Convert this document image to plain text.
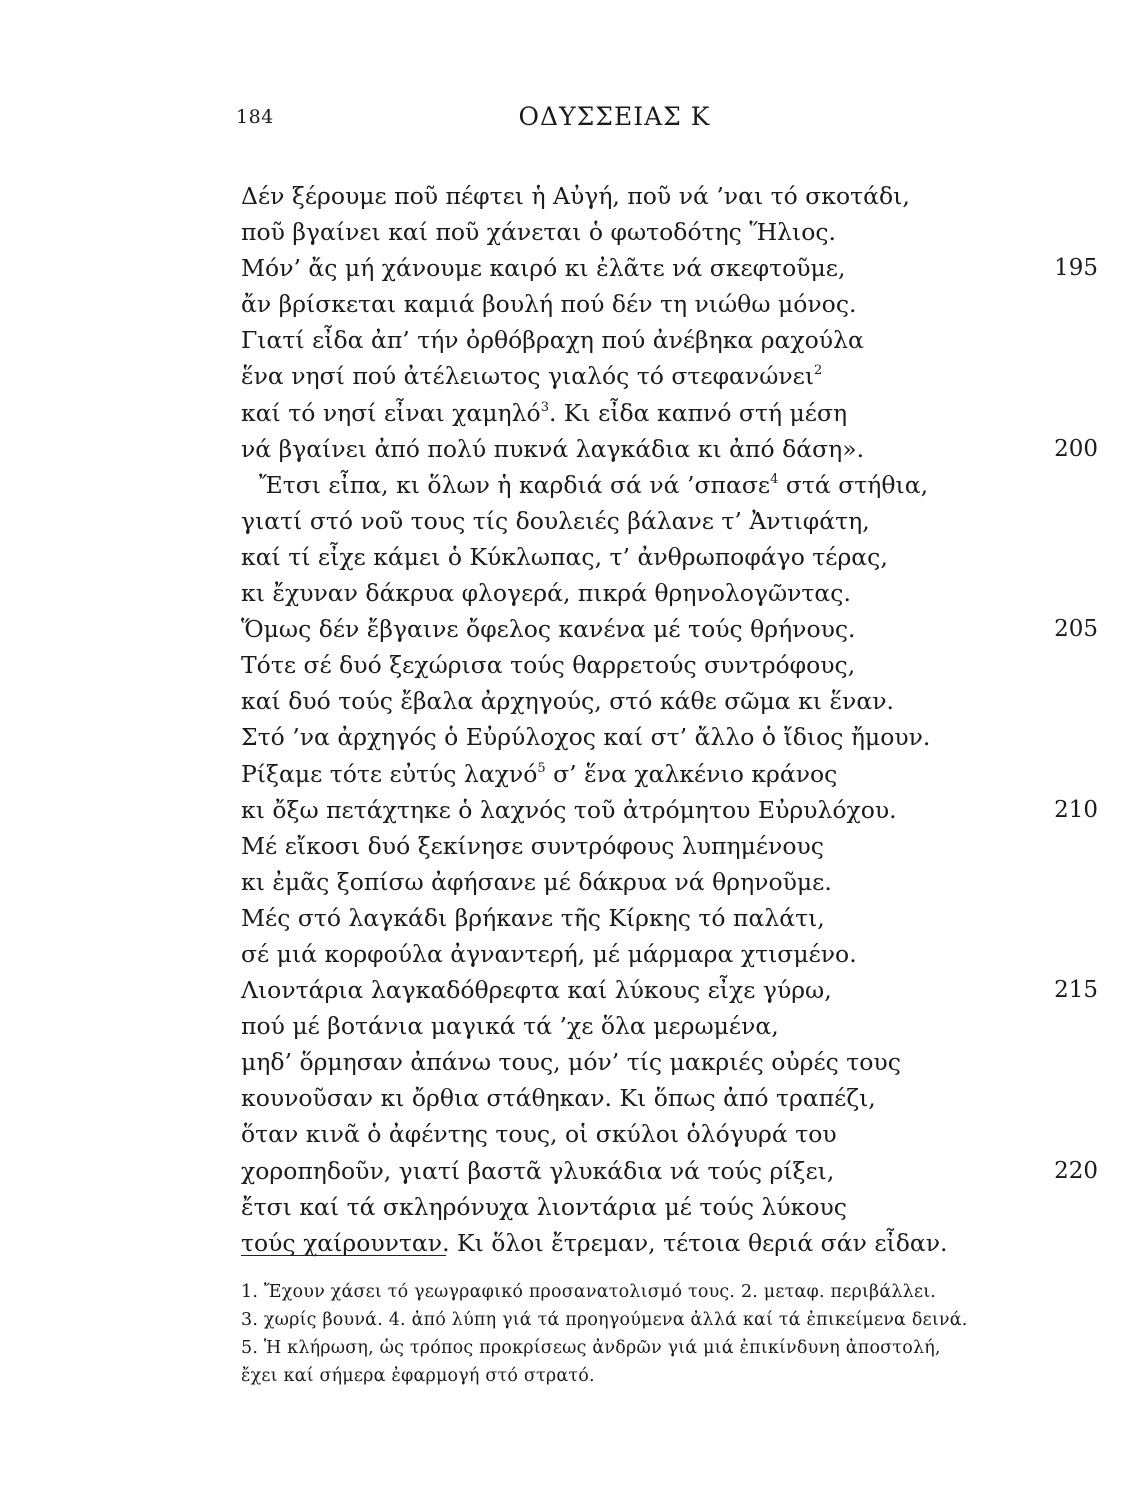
184	ΟΔΥΣΣΕΙΑΣ Κ
Δέν ξέρουμε ποῦ πέφτει ἡ Αὐγή, ποῦ νά ’ναι τό σκοτάδι,
ποῦ βγαίνει καί ποῦ χάνεται ὁ φωτοδότης Ἥλιος.
Μόν’ ἄς μή χάνουμε καιρό κι ἐλᾶτε νά σκεφτοῦμε,	195
ἄν βρίσκεται καμιά βουλή πού δέν τη νιώθω μόνος.
Γιατί εἶδα ἀπ’ τήν ὀρθόβραχη πού ἀνέβηκα ραχούλα
ἕνα νησί πού ἀτέλειωτος γιαλός τό στεφανώνει$^2$
καί τό νησί εἶναι χαμηλό$^3$. Κι εἶδα καπνό στή μέση
νά βγαίνει ἀπό πολύ πυκνά λαγκάδια κι ἀπό δάση».	200
Ἔτσι εἶπα, κι ὅλων ἡ καρδιά σά νά ’σπασε$^4$ στά στήθια,
γιατί στό νοῦ τους τίς δουλειές βάλανε τ’ Ἀντιφάτη,
καί τί εἶχε κάμει ὁ Κύκλωπας, τ’ ἀνθρωποφάγο τέρας,
κι ἔχυναν δάκρυα φλογερά, πικρά θρηνολογῶντας.
Ὅμως δέν ἔβγαινε ὄφελος κανένα μέ τούς θρήνους.	205
Τότε σέ δυό ξεχώρισα τούς θαρρετούς συντρόφους,
καί δυό τούς ἔβαλα ἀρχηγούς, στό κάθε σῶμα κι ἕναν.
Στό ’να ἀρχηγός ὁ Εὐρύλοχος καί στ’ ἄλλο ὁ ἴδιος ἤμουν.
Ρίξαμε τότε εὐτύς λαχνό$^5$ σ’ ἕνα χαλκένιο κράνος
κι ὄξω πετάχτηκε ὁ λαχνός τοῦ ἀτρόμητου Εὐρυλόχου.	210
Μέ εἴκοσι δυό ξεκίνησε συντρόφους λυπημένους
κι ἐμᾶς ξοπίσω ἀφήσανε μέ δάκρυα νά θρηνοῦμε.
Μές στό λαγκάδι βρήκανε τῆς Κίρκης τό παλάτι,
σέ μιά κορφούλα ἀγναντερή, μέ μάρμαρα χτισμένο.
Λιοντάρια λαγκαδόθρεφτα καί λύκους εἶχε γύρω,	215
πού μέ βοτάνια μαγικά τά ’χε ὅλα μερωμένα,
μηδ’ ὅρμησαν ἀπάνω τους, μόν’ τίς μακριές οὐρές τους
κουνοῦσαν κι ὄρθια στάθηκαν. Κι ὅπως ἀπό τραπέζι,
ὅταν κινᾶ ὁ ἀφέντης τους, οἱ σκύλοι ὁλόγυρά του
χοροπηδοῦν, γιατί βαστᾶ γλυκάδια νά τούς ρίξει,	220
ἔτσι καί τά σκληρόνυχα λιοντάρια μέ τούς λύκους
τούς χαίρουνταν. Κι ὅλοι ἔτρεμαν, τέτοια θεριά σάν εἶδαν.
1. Ἔχουν χάσει τό γεωγραφικό προσανατολισμό τους. 2. μεταφ. περιβάλλει.
3. χωρίς βουνά. 4. ἀπό λύπη γιά τά προηγούμενα ἀλλά καί τά ἐπικείμενα δεινά.
5. Ἡ κλήρωση, ὡς τρόπος προκρίσεως ἀνδρῶν γιά μιά ἐπικίνδυνη ἀποστολή,
ἔχει καί σήμερα ἐφαρμογή στό στρατό.
